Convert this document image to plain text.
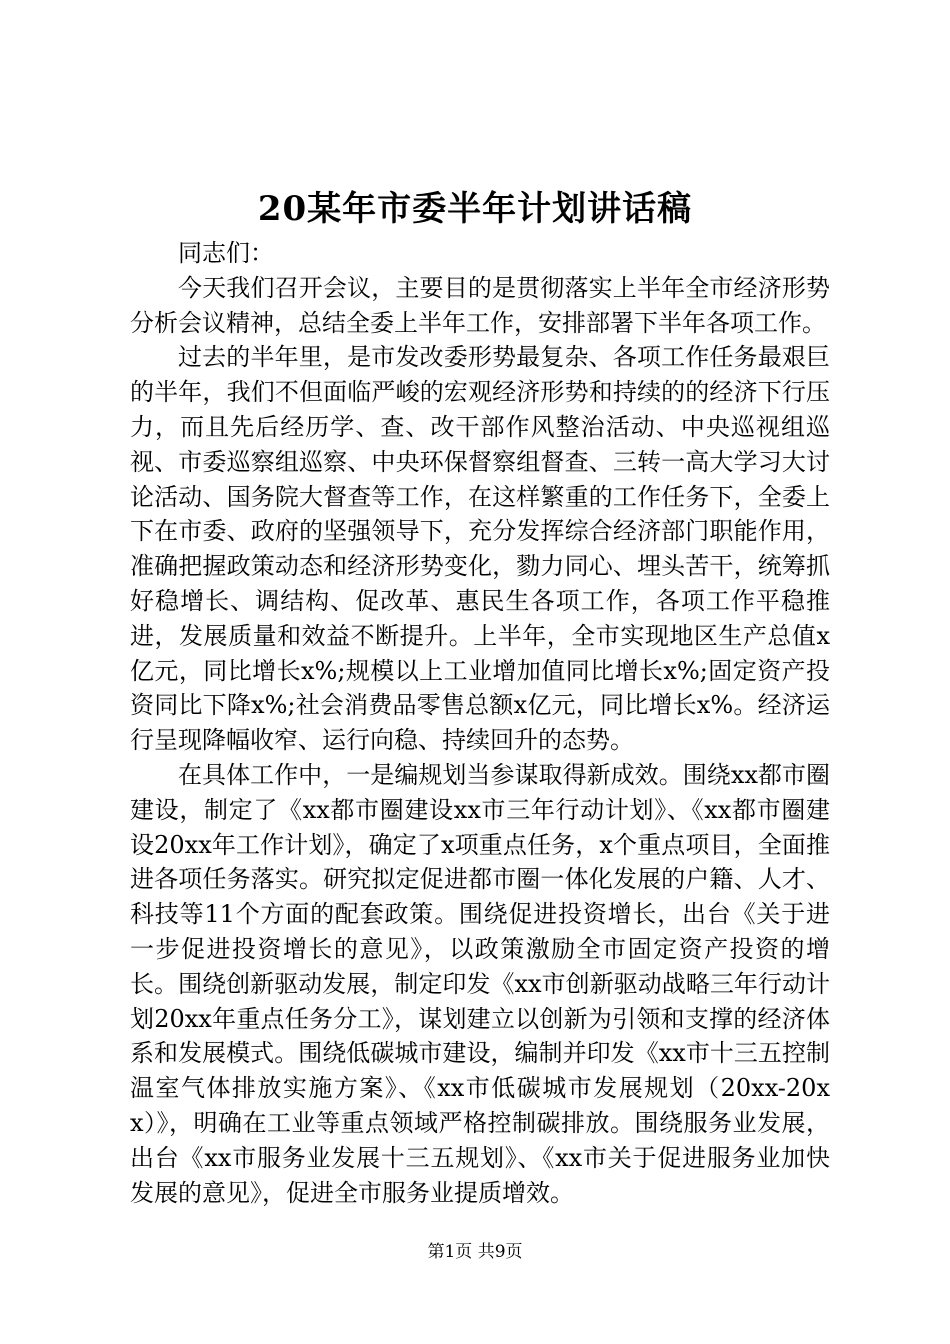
20某年市委半年计划讲话稿

同志们：

今天我们召开会议，主要目的是贯彻落实上半年全市经济形势分析会议精神，总结全委上半年工作，安排部署下半年各项工作。

过去的半年里，是市发改委形势最复杂、各项工作任务最艰巨的半年，我们不但面临严峻的宏观经济形势和持续的的经济下行压力，而且先后经历学、查、改干部作风整治活动、中央巡视组巡视、市委巡察组巡察、中央环保督察组督查、三转一高大学习大讨论活动、国务院大督查等工作，在这样繁重的工作任务下，全委上下在市委、政府的坚强领导下，充分发挥综合经济部门职能作用，准确把握政策动态和经济形势变化，勠力同心、埋头苦干，统筹抓好稳增长、调结构、促改革、惠民生各项工作，各项工作平稳推进，发展质量和效益不断提升。上半年，全市实现地区生产总值x亿元，同比增长x%;规模以上工业增加值同比增长x%;固定资产投资同比下降x%;社会消费品零售总额x亿元，同比增长x%。经济运行呈现降幅收窄、运行向稳、持续回升的态势。

在具体工作中，一是编规划当参谋取得新成效。围绕xx都市圈建设，制定了《xx都市圈建设xx市三年行动计划》、《xx都市圈建设20xx年工作计划》，确定了x项重点任务，x个重点项目，全面推进各项任务落实。研究拟定促进都市圈一体化发展的户籍、人才、科技等11个方面的配套政策。围绕促进投资增长，出台《关于进一步促进投资增长的意见》，以政策激励全市固定资产投资的增长。围绕创新驱动发展，制定印发《xx市创新驱动战略三年行动计划20xx年重点任务分工》，谋划建立以创新为引领和支撑的经济体系和发展模式。围绕低碳城市建设，编制并印发《xx市十三五控制温室气体排放实施方案》、《xx市低碳城市发展规划（20xx-20xx）》，明确在工业等重点领域严格控制碳排放。围绕服务业发展，出台《xx市服务业发展十三五规划》、《xx市关于促进服务业加快发展的意见》，促进全市服务业提质增效。

第1页 共9页
